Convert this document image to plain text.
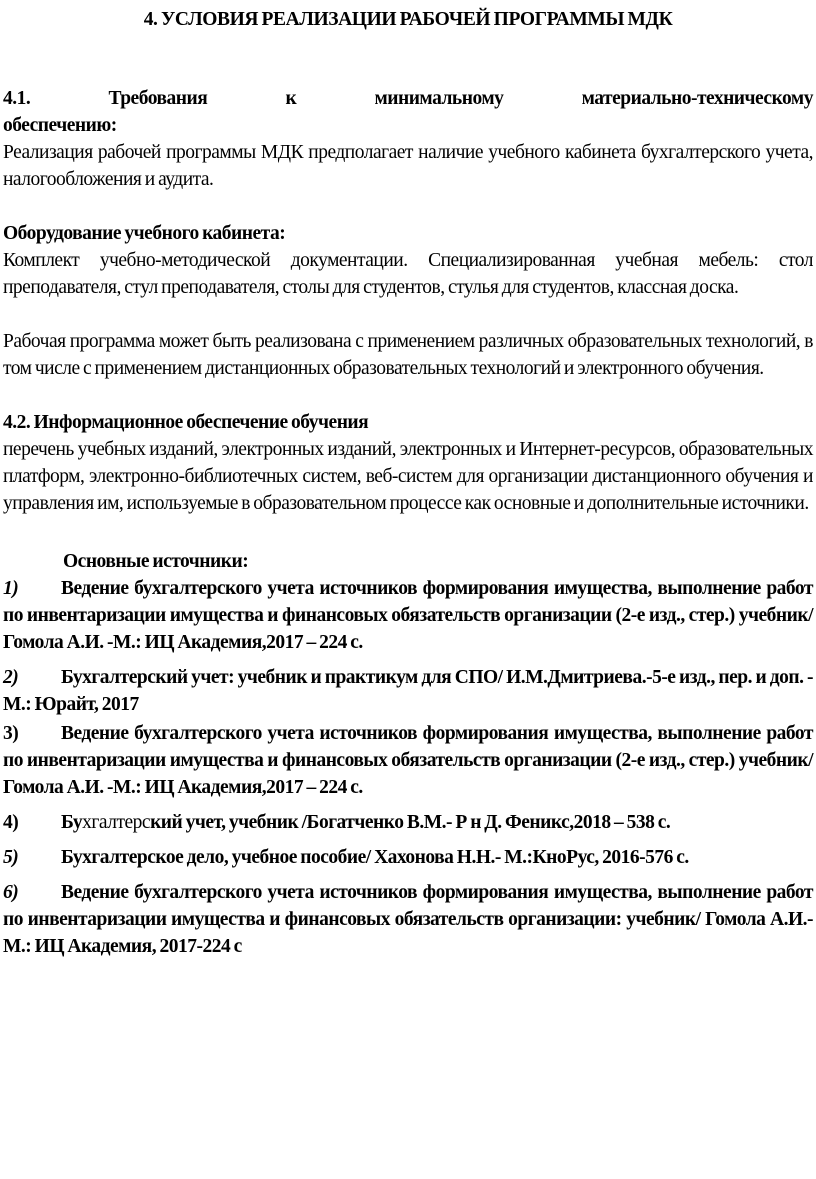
4. УСЛОВИЯ РЕАЛИЗАЦИИ РАБОЧЕЙ ПРОГРАММЫ МДК
4.1.	Требования	к	минимальному	материально-техническому
обеспечению:

Реализация рабочей программы МДК предполагает наличие учебного кабинета бухгалтерского учета, налогообложения и аудита.

Оборудование учебного кабинета:

Комплект учебно-методической документации. Специализированная учебная мебель: стол преподавателя, стул преподавателя, столы для студентов, стулья для студентов, классная доска.

Рабочая программа может быть реализована с применением различных образовательных технологий, в том числе с применением дистанционных образовательных технологий и электронного обучения.

4.2. Информационное обеспечение обучения

перечень учебных изданий, электронных изданий, электронных и Интернет-ресурсов, образовательных платформ, электронно-библиотечных систем, веб-систем для организации дистанционного обучения и управления им, используемые в образовательном процессе как основные и дополнительные источники.

Основные источники:

1) Ведение бухгалтерского учета источников формирования имущества, выполнение работ по инвентаризации имущества и финансовых обязательств организации (2-е изд., стер.) учебник/ Гомола А.И. -М.: ИЦ Академия,2017 – 224 с.

2) Бухгалтерский учет: учебник и практикум для СПО/ И.М.Дмитриева.-5-е изд., пер. и доп. - М.: Юрайт, 2017

3) Ведение бухгалтерского учета источников формирования имущества, выполнение работ по инвентаризации имущества и финансовых обязательств организации (2-е изд., стер.) учебник/ Гомола А.И. -М.: ИЦ Академия,2017 – 224 с.

4) Бухгалтерский учет, учебник /Богатченко В.М.- Р н Д. Феникс,2018 – 538 с.

5) Бухгалтерское дело, учебное пособие/ Хахонова Н.Н.- М.:КноРус, 2016-576 с.

6) Ведение бухгалтерского учета источников формирования имущества, выполнение работ по инвентаризации имущества и финансовых обязательств организации: учебник/ Гомола А.И.- М.: ИЦ Академия, 2017-224 с
